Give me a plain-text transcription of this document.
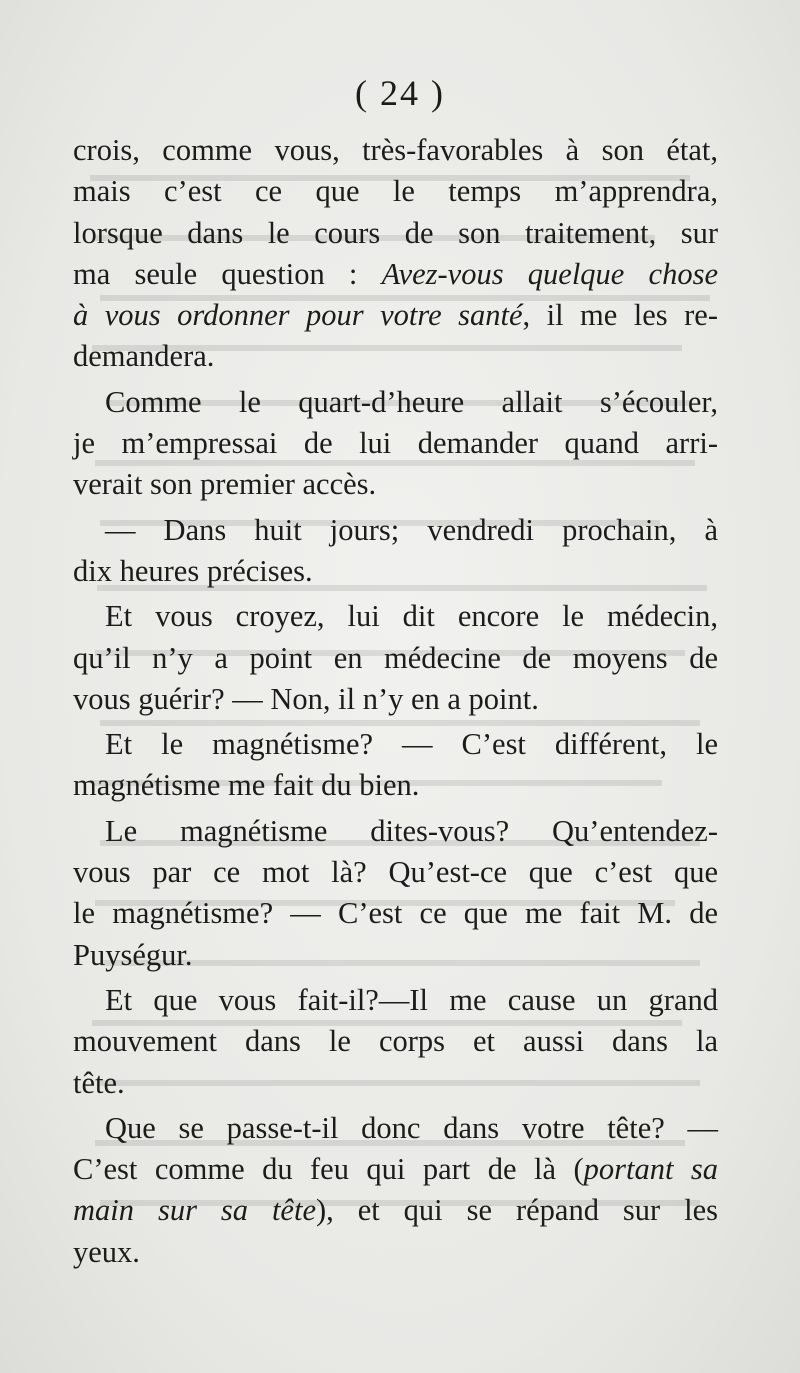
( 24 )

crois, comme vous, très-favorables à son état,
mais c’est ce que le temps m’apprendra,
lorsque dans le cours de son traitement, sur
ma seule question : Avez-vous quelque chose
à vous ordonner pour votre santé, il me les re-
demandera.

Comme le quart-d’heure allait s’écouler,
je m’empressai de lui demander quand arri-
verait son premier accès.

— Dans huit jours; vendredi prochain, à
dix heures précises.

Et vous croyez, lui dit encore le médecin,
qu’il n’y a point en médecine de moyens de
vous guérir? — Non, il n’y en a point.

Et le magnétisme? — C’est différent, le
magnétisme me fait du bien.

Le magnétisme dites-vous? Qu’entendez-
vous par ce mot là? Qu’est-ce que c’est que
le magnétisme? — C’est ce que me fait M. de
Puységur.

Et que vous fait-il?—Il me cause un grand
mouvement dans le corps et aussi dans la
tête.

Que se passe-t-il donc dans votre tête? —
C’est comme du feu qui part de là (portant sa
main sur sa tête), et qui se répand sur les
yeux.
